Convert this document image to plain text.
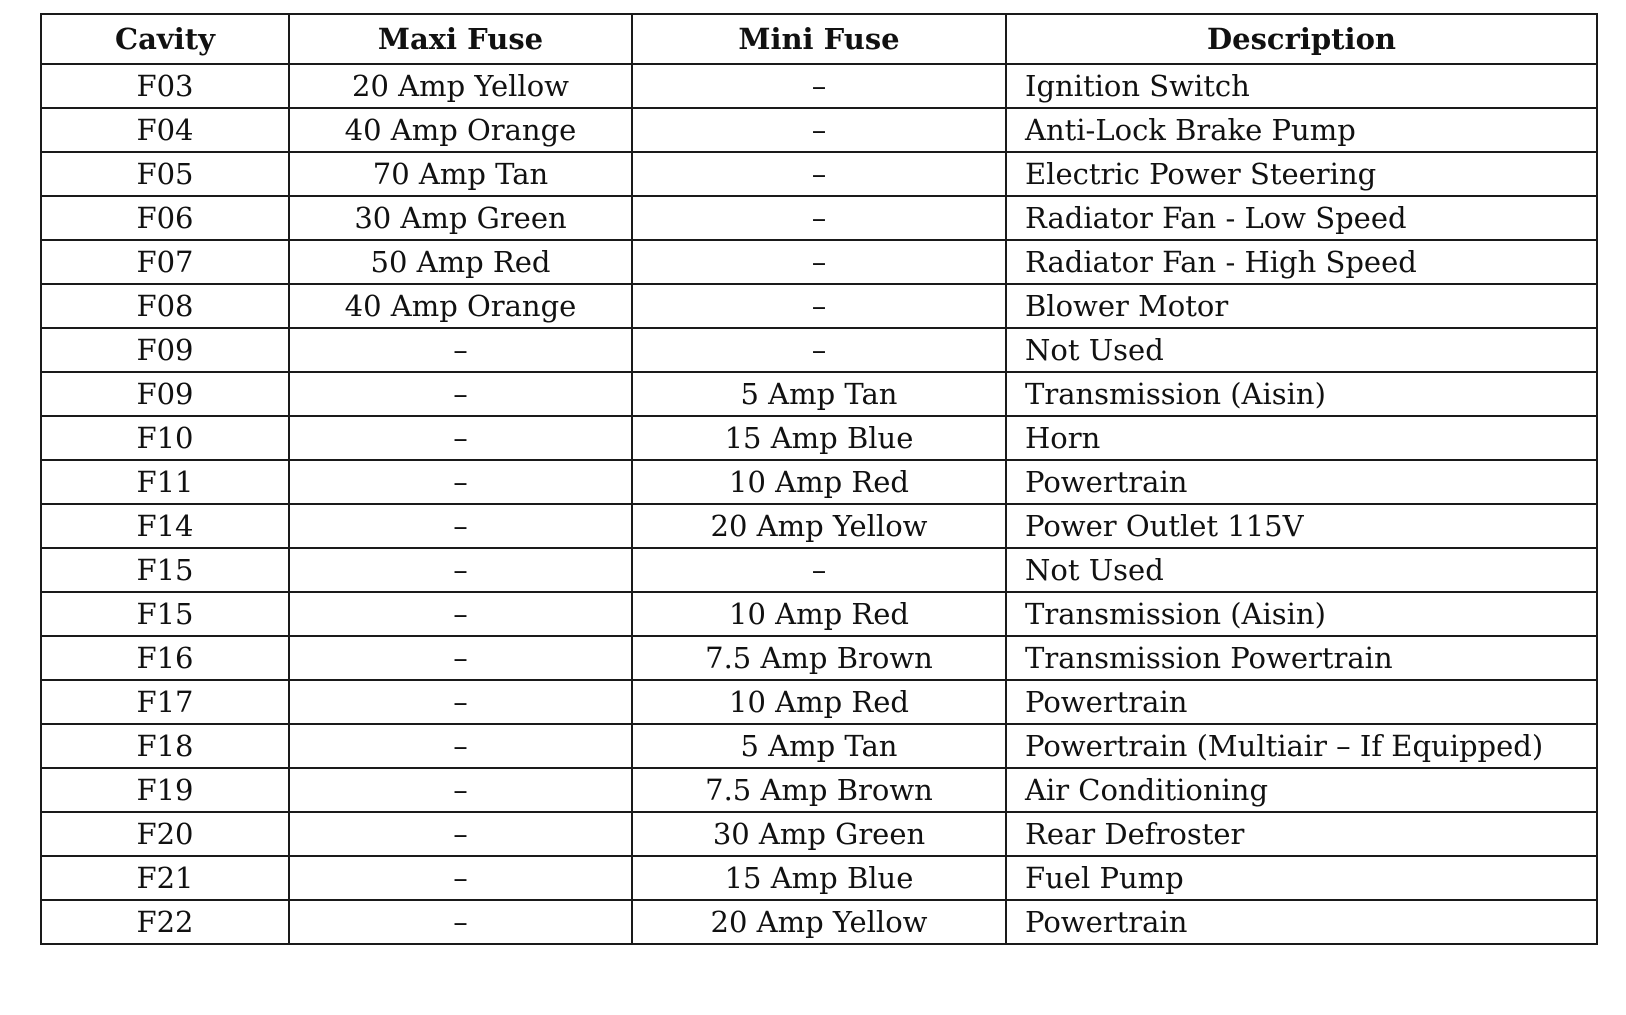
Cavity	Maxi Fuse	Mini Fuse	Description
F03	20 Amp Yellow	–	Ignition Switch
F04	40 Amp Orange	–	Anti-Lock Brake Pump
F05	70 Amp Tan	–	Electric Power Steering
F06	30 Amp Green	–	Radiator Fan - Low Speed
F07	50 Amp Red	–	Radiator Fan - High Speed
F08	40 Amp Orange	–	Blower Motor
F09	–	–	Not Used
F09	–	5 Amp Tan	Transmission (Aisin)
F10	–	15 Amp Blue	Horn
F11	–	10 Amp Red	Powertrain
F14	–	20 Amp Yellow	Power Outlet 115V
F15	–	–	Not Used
F15	–	10 Amp Red	Transmission (Aisin)
F16	–	7.5 Amp Brown	Transmission Powertrain
F17	–	10 Amp Red	Powertrain
F18	–	5 Amp Tan	Powertrain (Multiair – If Equipped)
F19	–	7.5 Amp Brown	Air Conditioning
F20	–	30 Amp Green	Rear Defroster
F21	–	15 Amp Blue	Fuel Pump
F22	–	20 Amp Yellow	Powertrain
